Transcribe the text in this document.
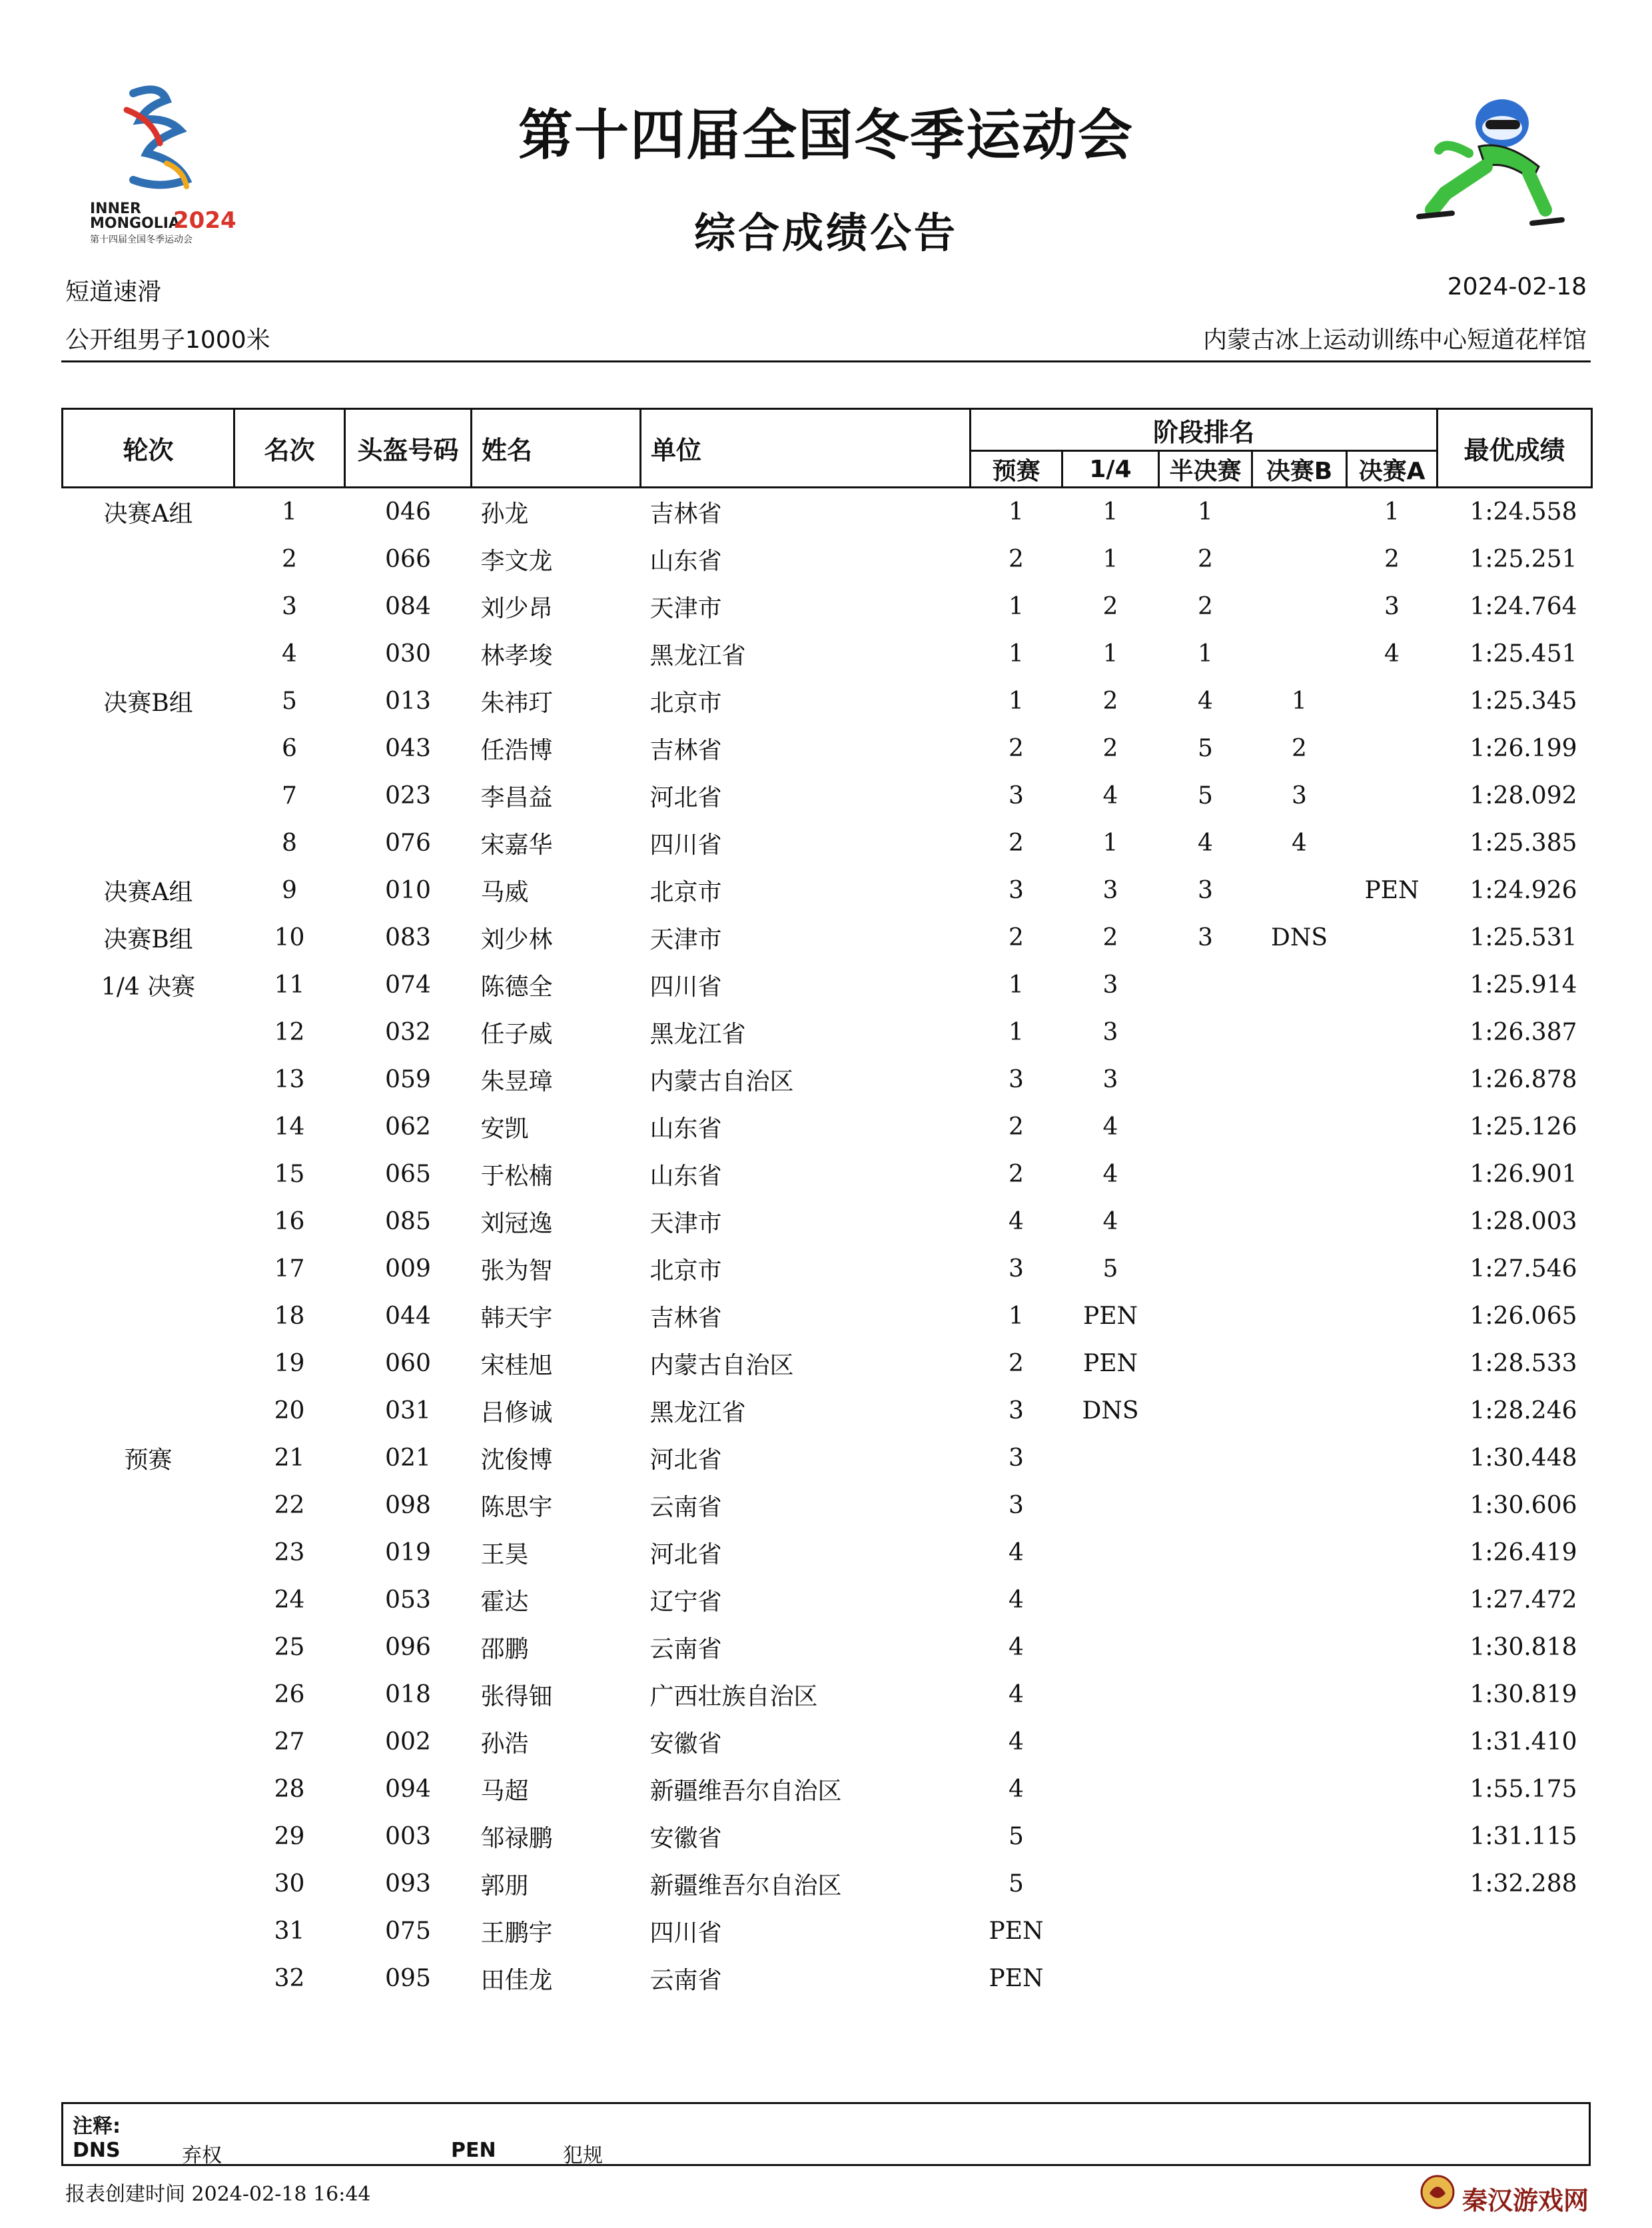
INNER
MONGOLIA
2024
第十四届全国冬季运动会
第十四届全国冬季运动会
综合成绩公告
短道速滑	2024-02-18
公开组男子1000米	内蒙古冰上运动训练中心短道花样馆
轮次	名次	头盔号码	姓名	单位	阶段排名					最优成绩
					预赛	1/4	半决赛	决赛B	决赛A	
决赛A组	1	046	孙龙	吉林省	1	1	1		1	1:24.558
	2	066	李文龙	山东省	2	1	2		2	1:25.251
	3	084	刘少昂	天津市	1	2	2		3	1:24.764
	4	030	林孝埈	黑龙江省	1	1	1		4	1:25.451
决赛B组	5	013	朱祎玎	北京市	1	2	4	1		1:25.345
	6	043	任浩博	吉林省	2	2	5	2		1:26.199
	7	023	李昌益	河北省	3	4	5	3		1:28.092
	8	076	宋嘉华	四川省	2	1	4	4		1:25.385
决赛A组	9	010	马威	北京市	3	3	3		PEN	1:24.926
决赛B组	10	083	刘少林	天津市	2	2	3	DNS		1:25.531
1/4 决赛	11	074	陈德全	四川省	1	3				1:25.914
	12	032	任子威	黑龙江省	1	3				1:26.387
	13	059	朱昱璋	内蒙古自治区	3	3				1:26.878
	14	062	安凯	山东省	2	4				1:25.126
	15	065	于松楠	山东省	2	4				1:26.901
	16	085	刘冠逸	天津市	4	4				1:28.003
	17	009	张为智	北京市	3	5				1:27.546
	18	044	韩天宇	吉林省	1	PEN				1:26.065
	19	060	宋桂旭	内蒙古自治区	2	PEN				1:28.533
	20	031	吕修诚	黑龙江省	3	DNS				1:28.246
预赛	21	021	沈俊博	河北省	3					1:30.448
	22	098	陈思宇	云南省	3					1:30.606
	23	019	王昊	河北省	4					1:26.419
	24	053	霍达	辽宁省	4					1:27.472
	25	096	邵鹏	云南省	4					1:30.818
	26	018	张得钿	广西壮族自治区	4					1:30.819
	27	002	孙浩	安徽省	4					1:31.410
	28	094	马超	新疆维吾尔自治区	4					1:55.175
	29	003	邹禄鹏	安徽省	5					1:31.115
	30	093	郭朋	新疆维吾尔自治区	5					1:32.288
	31	075	王鹏宇	四川省	PEN					
	32	095	田佳龙	云南省	PEN					
注释:
DNS	弃权	PEN	犯规
报表创建时间 2024-02-18 16:44	秦汉游戏网
